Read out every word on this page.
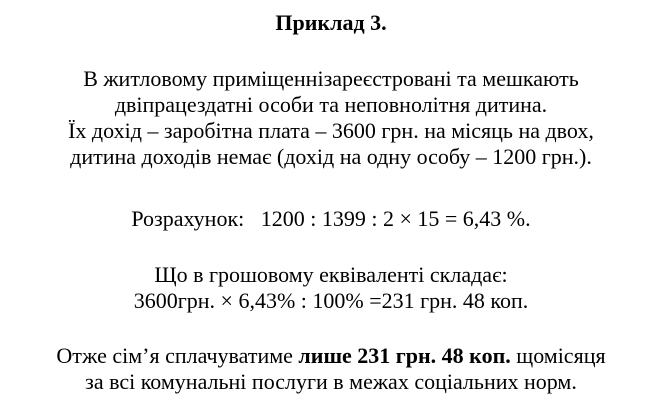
Приклад 3.
В житловому приміщеннізареєстровані та мешкають
двіпрацездатні особи та неповнолітня дитина.
Їх дохід – заробітна плата – 3600 грн. на місяць на двох,
дитина доходів немає (дохід на одну особу – 1200 грн.).
Розрахунок: 1200 : 1399 : 2 × 15 = 6,43 %.
Що в грошовому еквіваленті складає:
3600грн. × 6,43% : 100% =231 грн. 48 коп.
Отже сім’я сплачуватиме лише 231 грн. 48 коп. щомісяця
за всі комунальні послуги в межах соціальних норм.
